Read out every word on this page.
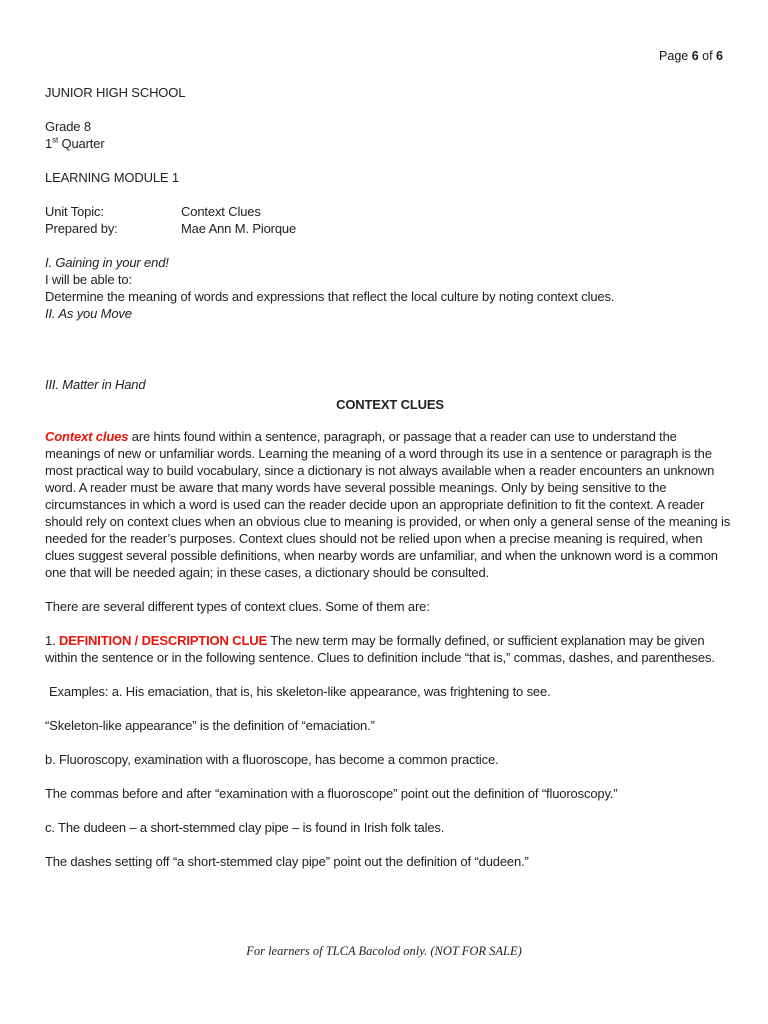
Page 6 of 6
JUNIOR HIGH SCHOOL
Grade 8
1st Quarter
LEARNING MODULE 1
Unit Topic:	Context Clues
Prepared by:	Mae Ann M. Piorque
I. Gaining in your end!
I will be able to:
Determine the meaning of words and expressions that reflect the local culture by noting context clues.
II. As you Move
III. Matter in Hand
CONTEXT CLUES

Context clues are hints found within a sentence, paragraph, or passage that a reader can use to understand the meanings of new or unfamiliar words. Learning the meaning of a word through its use in a sentence or paragraph is the most practical way to build vocabulary, since a dictionary is not always available when a reader encounters an unknown word. A reader must be aware that many words have several possible meanings. Only by being sensitive to the circumstances in which a word is used can the reader decide upon an appropriate definition to fit the context. A reader should rely on context clues when an obvious clue to meaning is provided, or when only a general sense of the meaning is needed for the reader’s purposes. Context clues should not be relied upon when a precise meaning is required, when clues suggest several possible definitions, when nearby words are unfamiliar, and when the unknown word is a common one that will be needed again; in these cases, a dictionary should be consulted.

There are several different types of context clues. Some of them are:

1. DEFINITION / DESCRIPTION CLUE The new term may be formally defined, or sufficient explanation may be given within the sentence or in the following sentence. Clues to definition include “that is,” commas, dashes, and parentheses.

Examples: a. His emaciation, that is, his skeleton-like appearance, was frightening to see.

“Skeleton-like appearance” is the definition of “emaciation.”

b. Fluoroscopy, examination with a fluoroscope, has become a common practice.

The commas before and after “examination with a fluoroscope” point out the definition of “fluoroscopy.”

c. The dudeen – a short-stemmed clay pipe – is found in Irish folk tales.

The dashes setting off “a short-stemmed clay pipe” point out the definition of “dudeen.”

For learners of TLCA Bacolod only. (NOT FOR SALE)
